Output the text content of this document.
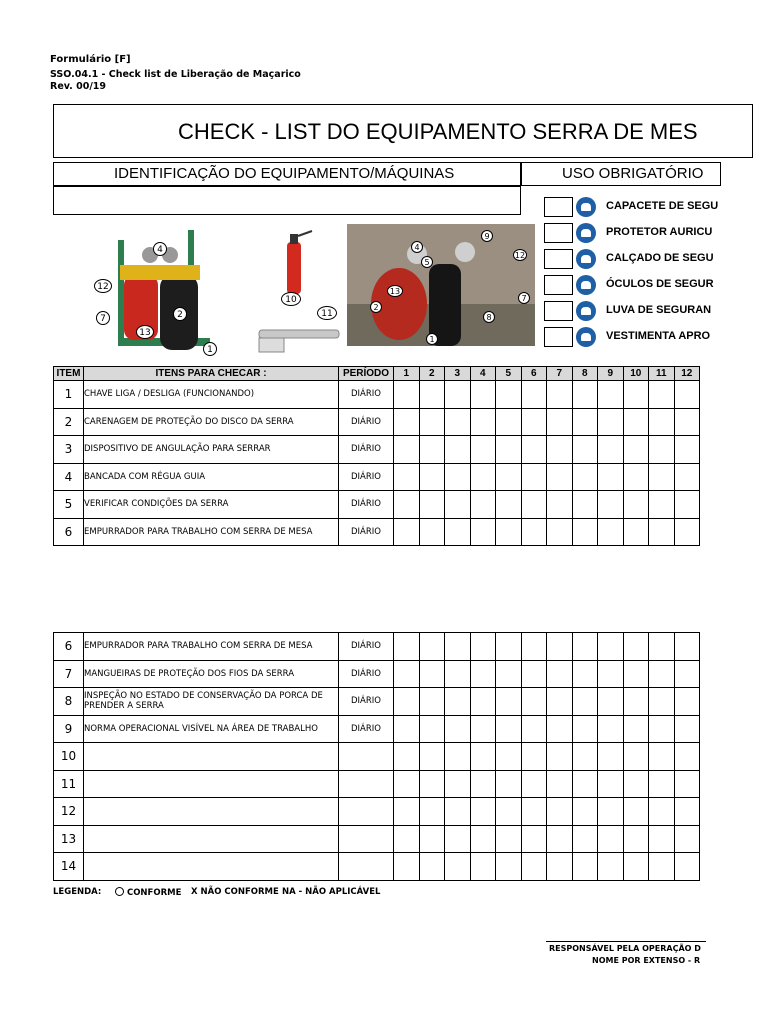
Formulário [F]
SSO.04.1 - Check list de Liberação de Maçarico
Rev. 00/19
CHECK - LIST DO EQUIPAMENTO SERRA DE MES
IDENTIFICAÇÃO DO EQUIPAMENTO/MÁQUINAS	USO OBRIGATÓRIO
CAPACETE DE SEGU
PROTETOR AURICU
CALÇADO DE SEGU
ÓCULOS DE SEGUR
LUVA DE SEGURAN
VESTIMENTA APRO
4
12
7
13
2
1
10
11
4
5
9
12
13
2
7
8
1
ITEM	ITENS PARA CHECAR :	PERÍODO	1	2	3	4	5	6	7	8	9	10	11	12
1	CHAVE LIGA / DESLIGA (FUNCIONANDO)	DIÁRIO												
2	CARENAGEM DE PROTEÇÃO DO DISCO DA SERRA	DIÁRIO												
3	DISPOSITIVO DE ANGULAÇÃO PARA SERRAR	DIÁRIO												
4	BANCADA COM RÉGUA GUIA	DIÁRIO												
5	VERIFICAR CONDIÇÕES DA SERRA	DIÁRIO												
6	EMPURRADOR PARA TRABALHO COM SERRA DE MESA	DIÁRIO												
6	EMPURRADOR PARA TRABALHO COM SERRA DE MESA	DIÁRIO												
7	MANGUEIRAS DE PROTEÇÃO DOS FIOS DA SERRA	DIÁRIO												
8	INSPEÇÃO NO ESTADO DE CONSERVAÇÃO DA PORCA DE PRENDER A SERRA	DIÁRIO												
9	NORMA OPERACIONAL VISÍVEL NA ÁREA DE TRABALHO	DIÁRIO												
10														
11														
12														
13														
14														
LEGENDA:	CONFORME X NÃO CONFORME NA - NÃO APLICÁVEL
RESPONSÁVEL PELA OPERAÇÃO D
NOME POR EXTENSO - R
